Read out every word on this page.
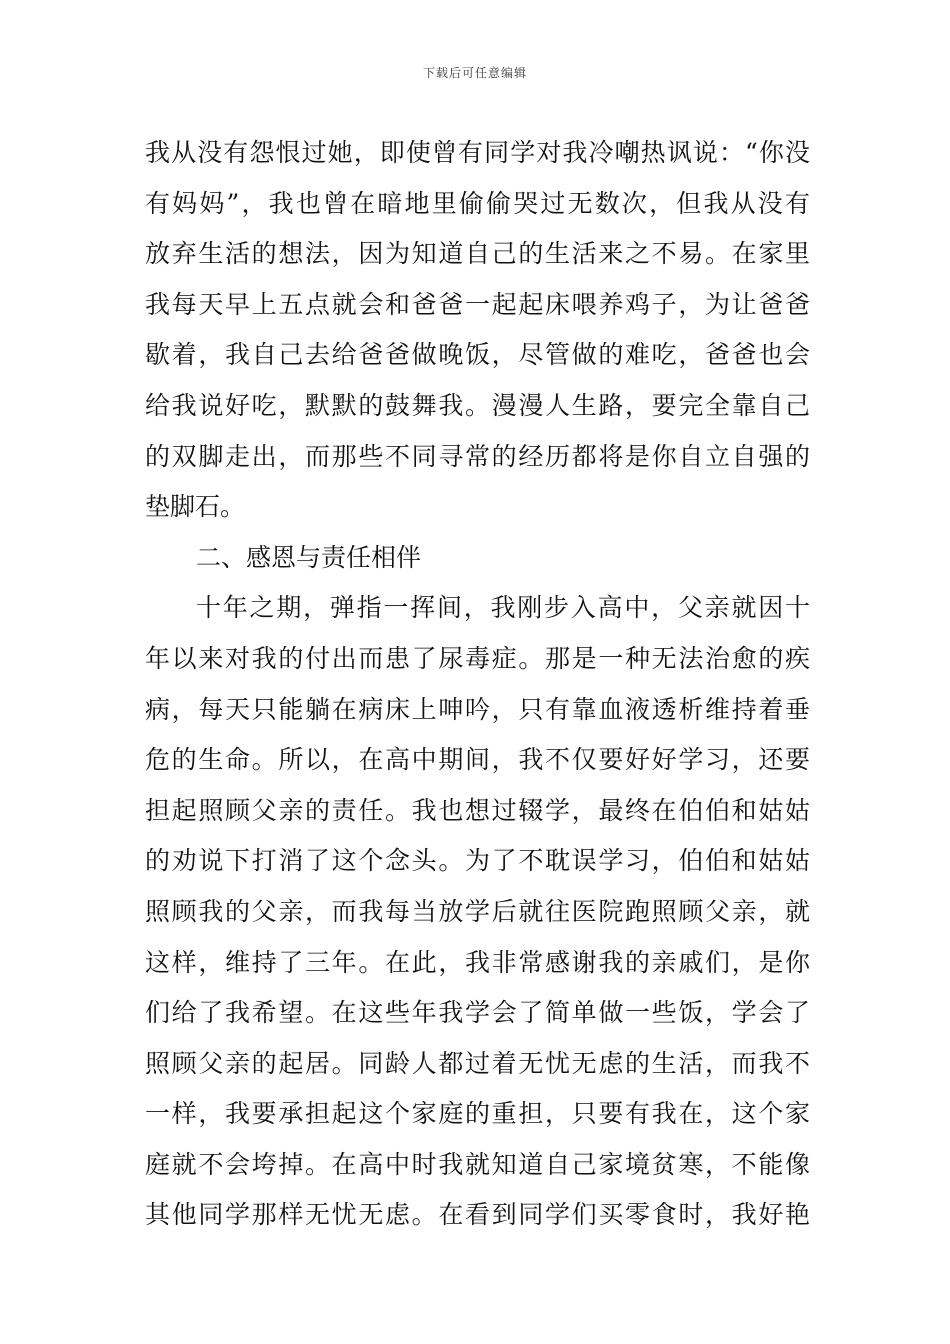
下载后可任意编辑
我从没有怨恨过她，即使曾有同学对我冷嘲热讽说：“你没
有妈妈”，我也曾在暗地里偷偷哭过无数次，但我从没有
放弃生活的想法，因为知道自己的生活来之不易。在家里
我每天早上五点就会和爸爸一起起床喂养鸡子，为让爸爸
歇着，我自己去给爸爸做晚饭，尽管做的难吃，爸爸也会
给我说好吃，默默的鼓舞我。漫漫人生路，要完全靠自己
的双脚走出，而那些不同寻常的经历都将是你自立自强的
垫脚石。
二、感恩与责任相伴
十年之期，弹指一挥间，我刚步入高中，父亲就因十
年以来对我的付出而患了尿毒症。那是一种无法治愈的疾
病，每天只能躺在病床上呻吟，只有靠血液透析维持着垂
危的生命。所以，在高中期间，我不仅要好好学习，还要
担起照顾父亲的责任。我也想过辍学，最终在伯伯和姑姑
的劝说下打消了这个念头。为了不耽误学习，伯伯和姑姑
照顾我的父亲，而我每当放学后就往医院跑照顾父亲，就
这样，维持了三年。在此，我非常感谢我的亲戚们，是你
们给了我希望。在这些年我学会了简单做一些饭，学会了
照顾父亲的起居。同龄人都过着无忧无虑的生活，而我不
一样，我要承担起这个家庭的重担，只要有我在，这个家
庭就不会垮掉。在高中时我就知道自己家境贫寒，不能像
其他同学那样无忧无虑。在看到同学们买零食时，我好艳
